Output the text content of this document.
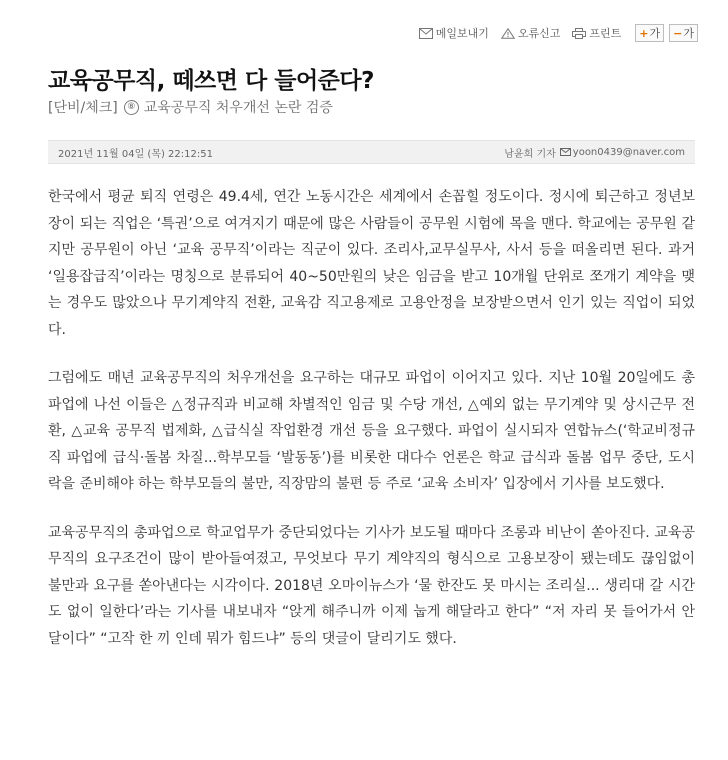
메일보내기	오류신고	프린트 + 가 − 가
교육공무직, 떼쓰면 다 들어준다?
[단비/체크]	⑧ 교육공무직 처우개선 논란 검증
2021년 11월 04일 (목) 22:12:51	남윤희 기자 yoon0439@naver.com

한국에서 평균 퇴직 연령은 49.4세, 연간 노동시간은 세계에서 손꼽힐 정도이다. 정시에 퇴근하고 정년보장이 되는 직업은 ‘특권’으로 여겨지기 때문에 많은 사람들이 공무원 시험에 목을 맨다. 학교에는 공무원 같지만 공무원이 아닌 ‘교육 공무직’이라는 직군이 있다. 조리사,교무실무사, 사서 등을 떠올리면 된다. 과거 ‘일용잡급직’이라는 명칭으로 분류되어 40~50만원의 낮은 임금을 받고 10개월 단위로 쪼개기 계약을 맺는 경우도 많았으나 무기계약직 전환, 교육감 직고용제로 고용안정을 보장받으면서 인기 있는 직업이 되었다.

그럼에도 매년 교육공무직의 처우개선을 요구하는 대규모 파업이 이어지고 있다. 지난 10월 20일에도 총파업에 나선 이들은 △정규직과 비교해 차별적인 임금 및 수당 개선, △예외 없는 무기계약 및 상시근무 전환, △교육 공무직 법제화, △급식실 작업환경 개선 등을 요구했다. 파업이 실시되자 연합뉴스(‘학교비정규직 파업에 급식·돌봄 차질...학부모들 ‘발동동’)를 비롯한 대다수 언론은 학교 급식과 돌봄 업무 중단, 도시락을 준비해야 하는 학부모들의 불만, 직장맘의 불편 등 주로 ‘교육 소비자’ 입장에서 기사를 보도했다.

교육공무직의 총파업으로 학교업무가 중단되었다는 기사가 보도될 때마다 조롱과 비난이 쏟아진다. 교육공무직의 요구조건이 많이 받아들여졌고, 무엇보다 무기 계약직의 형식으로 고용보장이 됐는데도 끊임없이 불만과 요구를 쏟아낸다는 시각이다. 2018년 오마이뉴스가 ‘물 한잔도 못 마시는 조리실... 생리대 갈 시간도 없이 일한다’라는 기사를 내보내자 “앉게 해주니까 이제 눕게 해달라고 한다” “저 자리 못 들어가서 안달이다” “고작 한 끼 인데 뭐가 힘드냐” 등의 댓글이 달리기도 했다.
